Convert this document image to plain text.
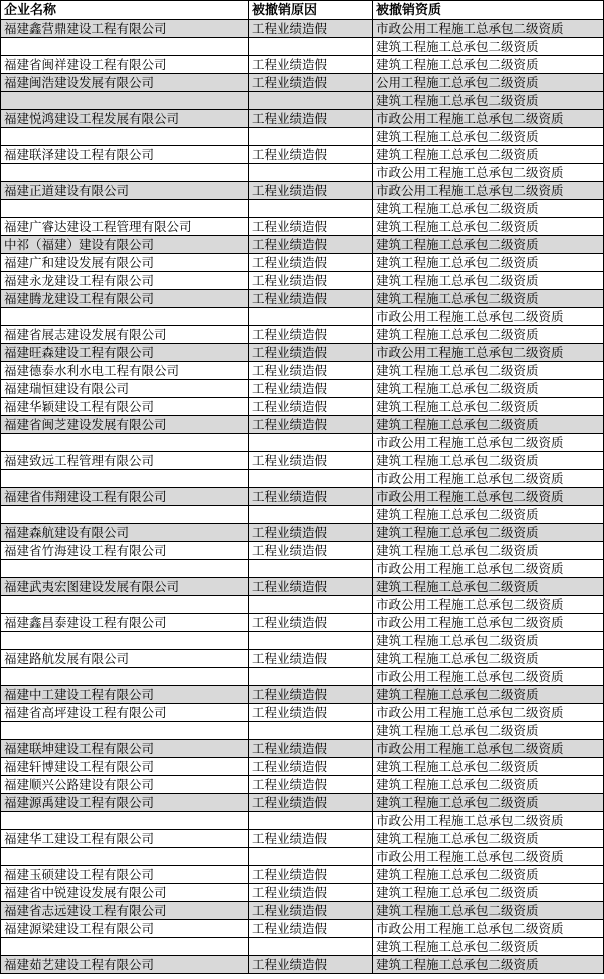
企业名称	被撤销原因	被撤销资质
福建鑫营鼎建设工程有限公司	工程业绩造假	市政公用工程施工总承包二级资质
		建筑工程施工总承包二级资质
福建省闽祥建设工程有限公司	工程业绩造假	建筑工程施工总承包二级资质
福建闽浩建设发展有限公司	工程业绩造假	公用工程施工总承包二级资质
		建筑工程施工总承包二级资质
福建悦鸿建设工程发展有限公司	工程业绩造假	市政公用工程施工总承包二级资质
		建筑工程施工总承包二级资质
福建联泽建设工程有限公司	工程业绩造假	建筑工程施工总承包二级资质
		市政公用工程施工总承包二级资质
福建正道建设有限公司	工程业绩造假	市政公用工程施工总承包二级资质
		建筑工程施工总承包二级资质
福建广睿达建设工程管理有限公司	工程业绩造假	建筑工程施工总承包二级资质
中祁（福建）建设有限公司	工程业绩造假	建筑工程施工总承包二级资质
福建广和建设发展有限公司	工程业绩造假	建筑工程施工总承包二级资质
福建永龙建设工程有限公司	工程业绩造假	建筑工程施工总承包二级资质
福建腾龙建设工程有限公司	工程业绩造假	建筑工程施工总承包二级资质
		市政公用工程施工总承包二级资质
福建省展志建设发展有限公司	工程业绩造假	建筑工程施工总承包二级资质
福建旺森建设工程有限公司	工程业绩造假	市政公用工程施工总承包二级资质
福建德泰水利水电工程有限公司	工程业绩造假	建筑工程施工总承包二级资质
福建瑞恒建设有限公司	工程业绩造假	建筑工程施工总承包二级资质
福建华颖建设工程有限公司	工程业绩造假	建筑工程施工总承包二级资质
福建省闽芝建设发展有限公司	工程业绩造假	建筑工程施工总承包二级资质
		市政公用工程施工总承包二级资质
福建致远工程管理有限公司	工程业绩造假	建筑工程施工总承包二级资质
		市政公用工程施工总承包二级资质
福建省伟翔建设工程有限公司	工程业绩造假	市政公用工程施工总承包二级资质
		建筑工程施工总承包二级资质
福建森航建设有限公司	工程业绩造假	建筑工程施工总承包二级资质
福建省竹海建设工程有限公司	工程业绩造假	建筑工程施工总承包二级资质
		市政公用工程施工总承包二级资质
福建武夷宏图建设发展有限公司	工程业绩造假	建筑工程施工总承包二级资质
		市政公用工程施工总承包二级资质
福建鑫昌泰建设工程有限公司	工程业绩造假	市政公用工程施工总承包二级资质
		建筑工程施工总承包二级资质
福建路航发展有限公司	工程业绩造假	建筑工程施工总承包二级资质
		市政公用工程施工总承包二级资质
福建中工建设工程有限公司	工程业绩造假	建筑工程施工总承包二级资质
福建省高坪建设工程有限公司	工程业绩造假	市政公用工程施工总承包二级资质
		建筑工程施工总承包二级资质
福建联坤建设工程有限公司	工程业绩造假	市政公用工程施工总承包二级资质
福建轩博建设工程有限公司	工程业绩造假	建筑工程施工总承包二级资质
福建顺兴公路建设有限公司	工程业绩造假	建筑工程施工总承包二级资质
福建源禹建设工程有限公司	工程业绩造假	建筑工程施工总承包二级资质
		市政公用工程施工总承包二级资质
福建华工建设工程有限公司	工程业绩造假	建筑工程施工总承包二级资质
		市政公用工程施工总承包二级资质
福建玉硕建设工程有限公司	工程业绩造假	建筑工程施工总承包二级资质
福建省中锐建设发展有限公司	工程业绩造假	建筑工程施工总承包二级资质
福建省志远建设工程有限公司	工程业绩造假	建筑工程施工总承包二级资质
福建源梁建设工程有限公司	工程业绩造假	市政公用工程施工总承包二级资质
		建筑工程施工总承包二级资质
福建茹艺建设工程有限公司	工程业绩造假	建筑工程施工总承包二级资质
